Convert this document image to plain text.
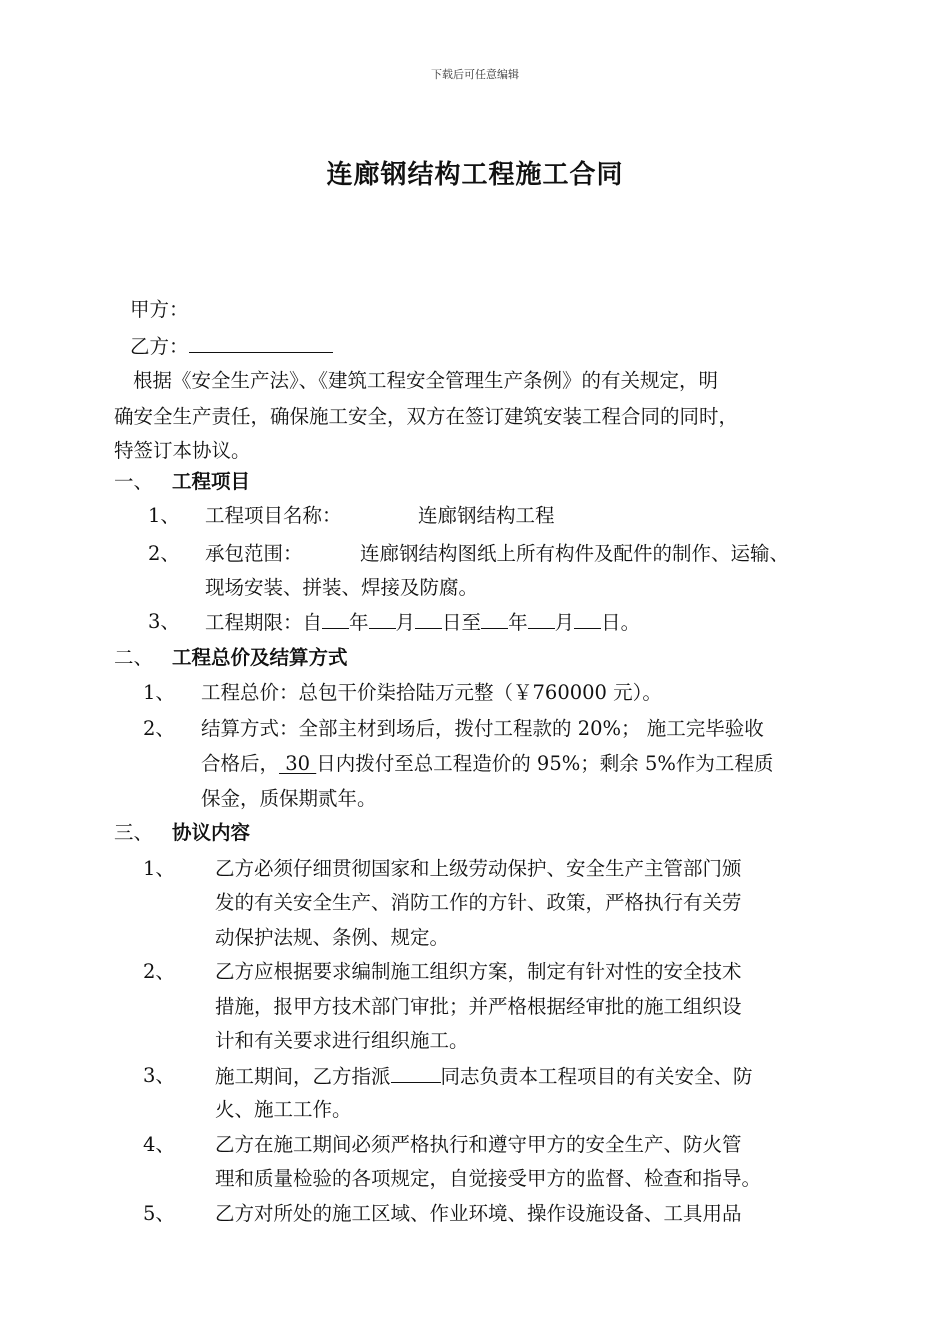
下载后可任意编辑
连廊钢结构工程施工合同
甲方：
乙方：
根据《安全生产法》、《建筑工程安全管理生产条例》的有关规定，明
确安全生产责任，确保施工安全，双方在签订建筑安装工程合同的同时，
特签订本协议。
一、 工程项目
1、 工程项目名称：	连廊钢结构工程
2、 承包范围：	连廊钢结构图纸上所有构件及配件的制作、运输、
现场安装、拼装、焊接及防腐。
3、 工程期限：自 年 月 日至 年 月 日。
二、 工程总价及结算方式
1、 工程总价：总包干价柒拾陆万元整（￥760000 元）。
2、 结算方式：全部主材到场后，拨付工程款的 20%； 施工完毕验收
合格后， 30 日内拨付至总工程造价的 95%；剩余 5%作为工程质
保金，质保期贰年。
三、 协议内容
1、 乙方必须仔细贯彻国家和上级劳动保护、安全生产主管部门颁
发的有关安全生产、消防工作的方针、政策，严格执行有关劳
动保护法规、条例、规定。
2、 乙方应根据要求编制施工组织方案，制定有针对性的安全技术
措施，报甲方技术部门审批；并严格根据经审批的施工组织设
计和有关要求进行组织施工。
3、 施工期间，乙方指派	同志负责本工程项目的有关安全、防
火、施工工作。
4、 乙方在施工期间必须严格执行和遵守甲方的安全生产、防火管
理和质量检验的各项规定，自觉接受甲方的监督、检查和指导。
5、 乙方对所处的施工区域、作业环境、操作设施设备、工具用品
